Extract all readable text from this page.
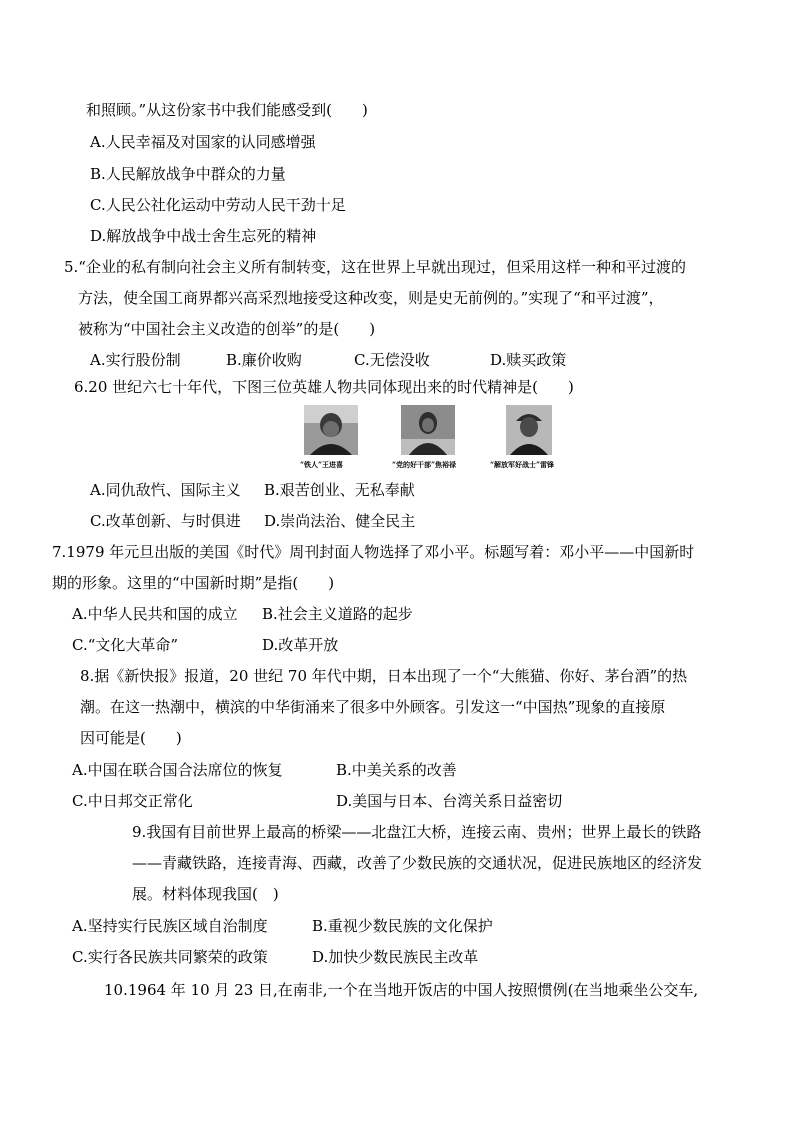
和照顾。”从这份家书中我们能感受到(　　)
A.人民幸福及对国家的认同感增强
B.人民解放战争中群众的力量
C.人民公社化运动中劳动人民干劲十足
D.解放战争中战士舍生忘死的精神
5.“企业的私有制向社会主义所有制转变，这在世界上早就出现过，但采用这样一种和平过渡的
方法，使全国工商界都兴高采烈地接受这种改变，则是史无前例的。”实现了“和平过渡”，
被称为“中国社会主义改造的创举”的是(　　)
A.实行股份制	B.廉价收购	C.无偿没收	D.赎买政策
6.20 世纪六七十年代，下图三位英雄人物共同体现出来的时代精神是(　　)
“铁人”王进喜	“党的好干部”焦裕禄	“解放军好战士”雷锋
A.同仇敌忾、国际主义 B.艰苦创业、无私奉献
C.改革创新、与时俱进 D.崇尚法治、健全民主
7.1979 年元旦出版的美国《时代》周刊封面人物选择了邓小平。标题写着：邓小平——中国新时
期的形象。这里的“中国新时期”是指(　　)
A.中华人民共和国的成立 B.社会主义道路的起步
C.“文化大革命”	D.改革开放
8.据《新快报》报道，20 世纪 70 年代中期，日本出现了一个“大熊猫、你好、茅台酒”的热
潮。在这一热潮中，横滨的中华街涌来了很多中外顾客。引发这一“中国热”现象的直接原
因可能是(　　)
A.中国在联合国合法席位的恢复	B.中美关系的改善
C.中日邦交正常化	D.美国与日本、台湾关系日益密切
9.我国有目前世界上最高的桥梁——北盘江大桥，连接云南、贵州；世界上最长的铁路
——青藏铁路，连接青海、西藏，改善了少数民族的交通状况，促进民族地区的经济发
展。材料体现我国(　)
A.坚持实行民族区域自治制度	B.重视少数民族的文化保护
C.实行各民族共同繁荣的政策	D.加快少数民族民主改革
10.1964 年 10 月 23 日,在南非,一个在当地开饭店的中国人按照惯例(在当地乘坐公交车,
